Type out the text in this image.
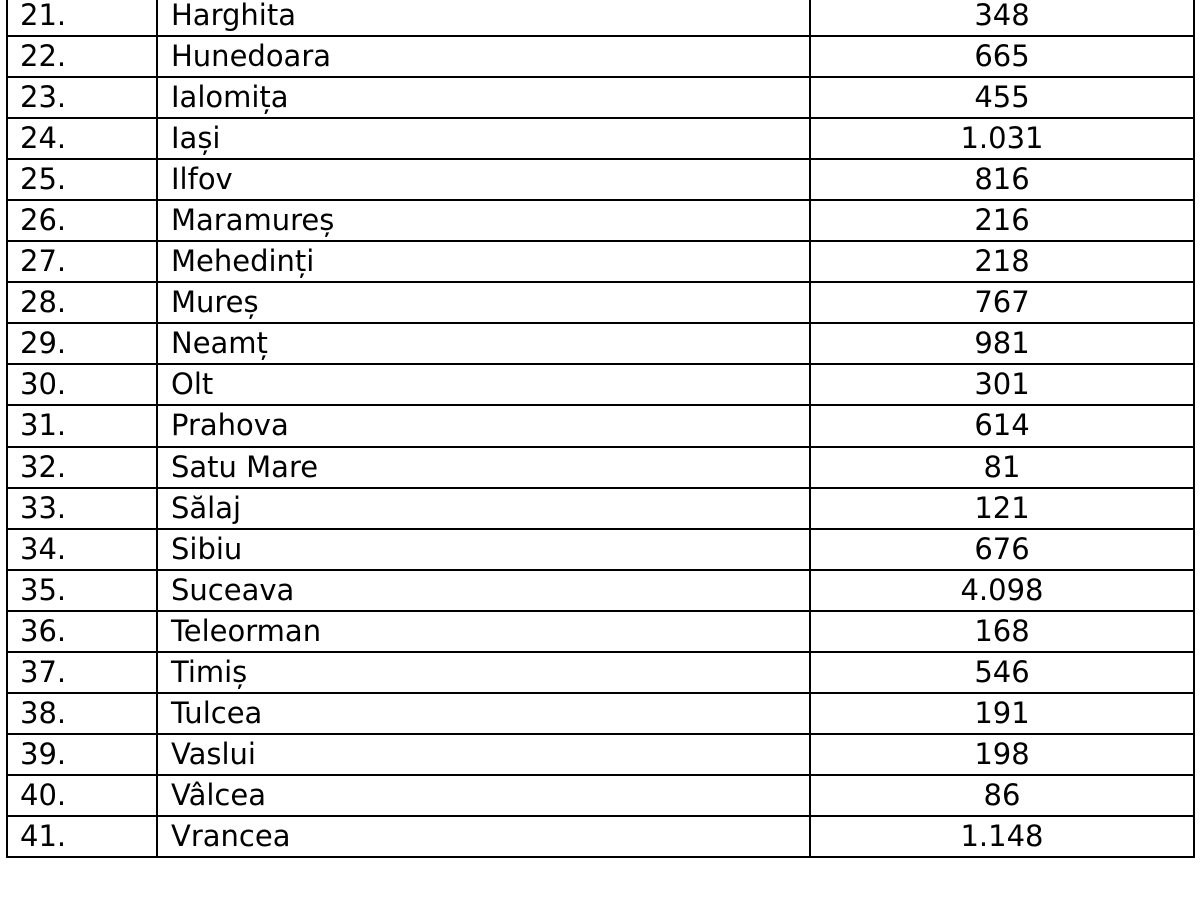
21.	Harghita	348
22.	Hunedoara	665
23.	Ialomița	455
24.	Iași	1.031
25.	Ilfov	816
26.	Maramureș	216
27.	Mehedinți	218
28.	Mureș	767
29.	Neamț	981
30.	Olt	301
31.	Prahova	614
32.	Satu Mare	81
33.	Sălaj	121
34.	Sibiu	676
35.	Suceava	4.098
36.	Teleorman	168
37.	Timiș	546
38.	Tulcea	191
39.	Vaslui	198
40.	Vâlcea	86
41.	Vrancea	1.148
